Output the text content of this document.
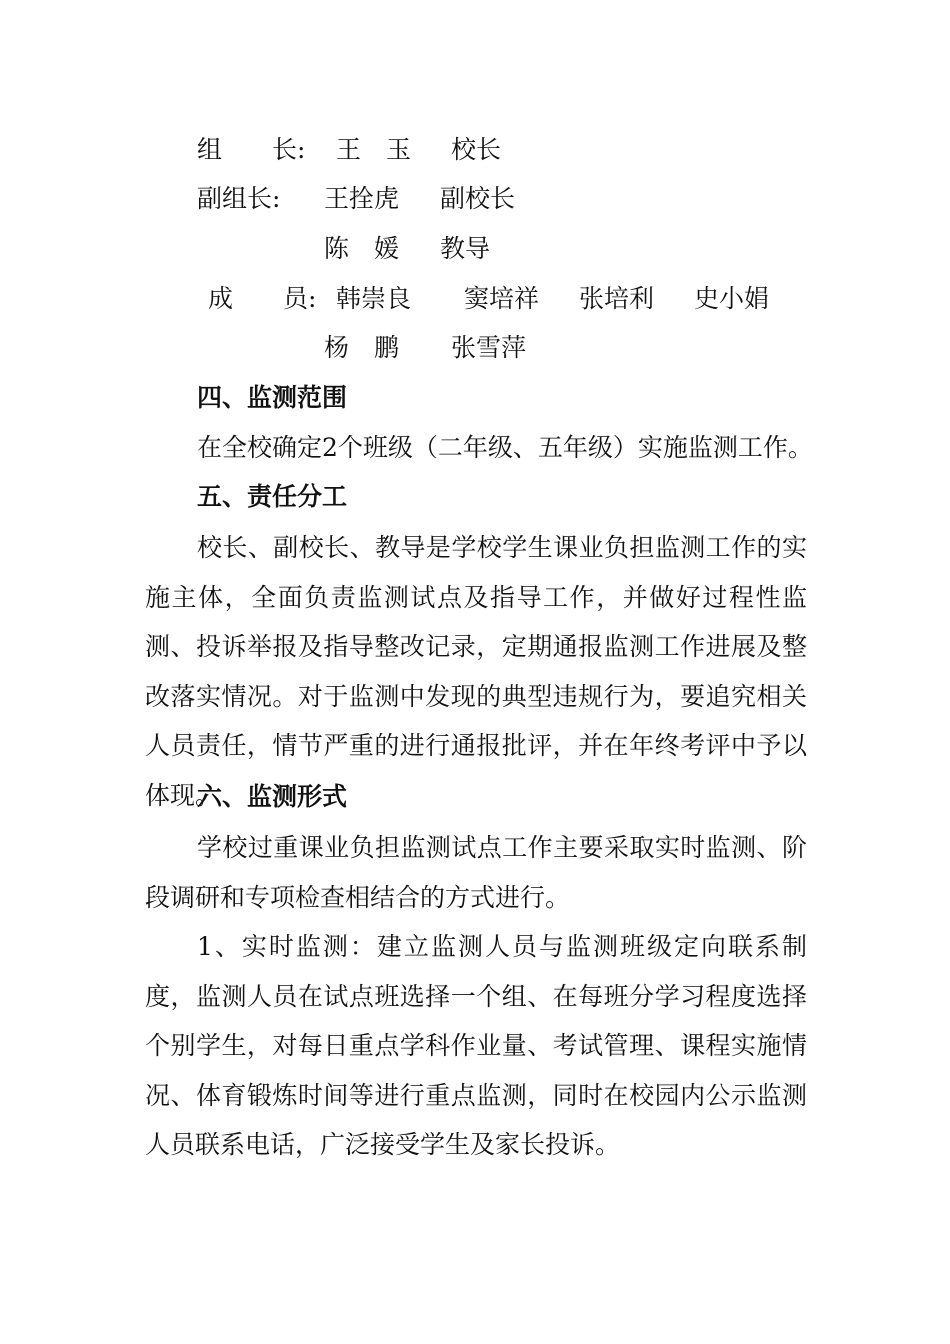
组　　长: 王　玉 校长
副组长: 王拴虎 副校长
陈　媛 教导
成　　员: 韩崇良 窦培祥 张培利 史小娟
杨　鹏 张雪萍
四、监测范围
在全校确定2个班级（二年级、五年级）实施监测工作。
五、责任分工
校长、副校长、教导是学校学生课业负担监测工作的实施主体，全面负责监测试点及指导工作，并做好过程性监测、投诉举报及指导整改记录，定期通报监测工作进展及整改落实情况。对于监测中发现的典型违规行为，要追究相关人员责任，情节严重的进行通报批评，并在年终考评中予以体现。
六、监测形式
学校过重课业负担监测试点工作主要采取实时监测、阶段调研和专项检查相结合的方式进行。
1、实时监测：建立监测人员与监测班级定向联系制度，监测人员在试点班选择一个组、在每班分学习程度选择个别学生，对每日重点学科作业量、考试管理、课程实施情况、体育锻炼时间等进行重点监测，同时在校园内公示监测人员联系电话，广泛接受学生及家长投诉。
